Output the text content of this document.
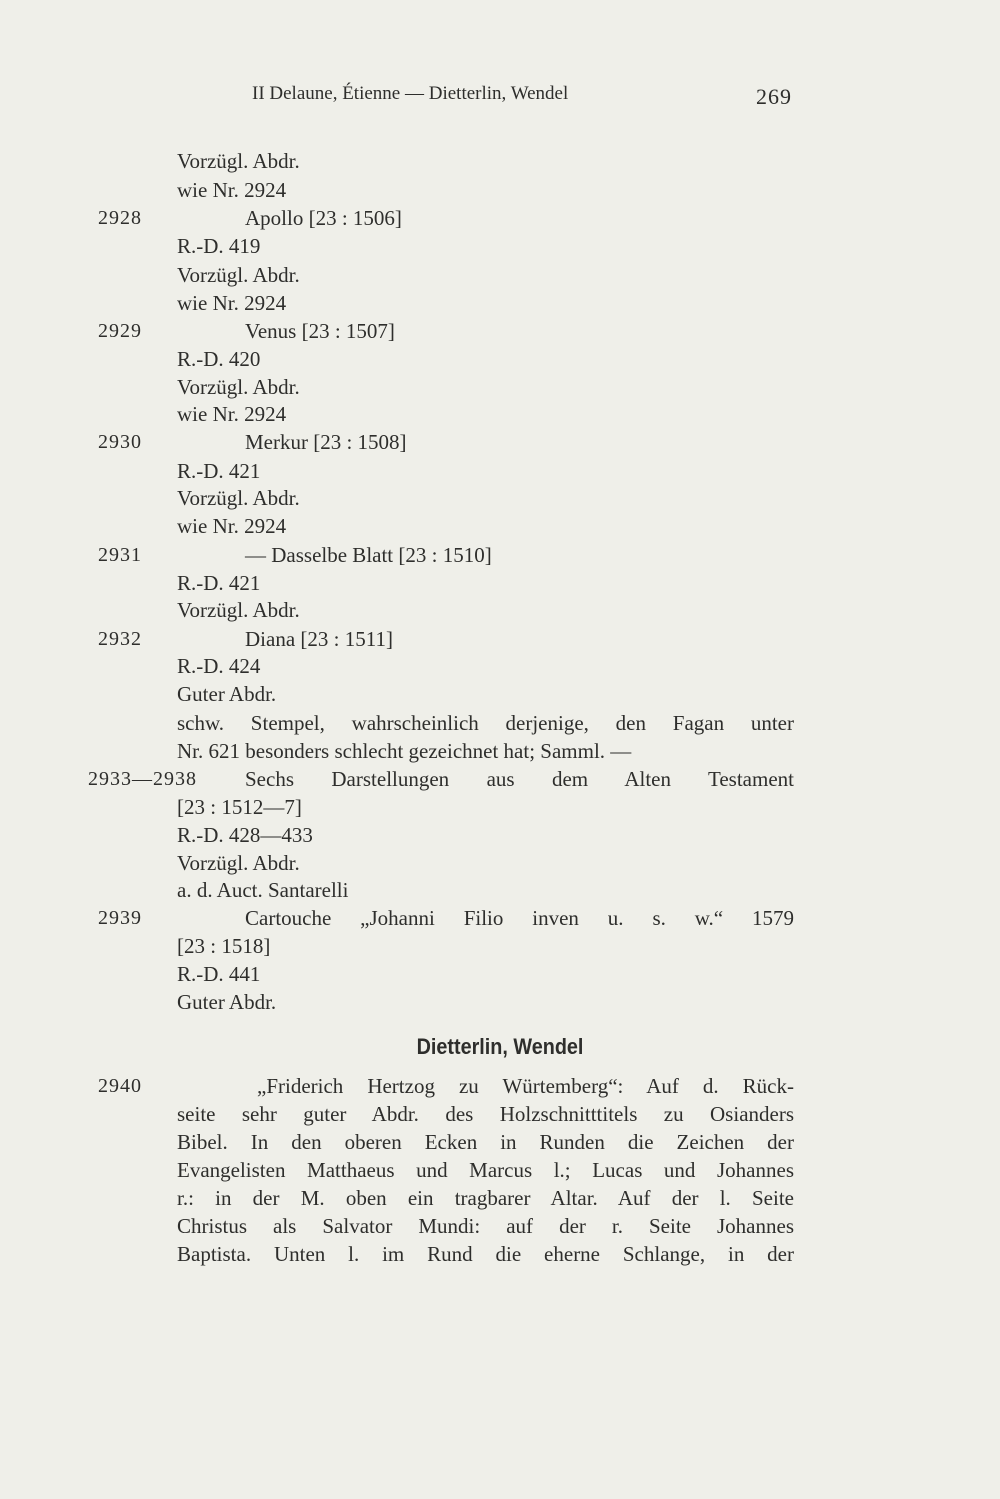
II Delaune, Étienne — Dietterlin, Wendel	269
Vorzügl. Abdr.
wie Nr. 2924
2928	Apollo [23 : 1506]
R.-D. 419
Vorzügl. Abdr.
wie Nr. 2924
2929	Venus [23 : 1507]
R.-D. 420
Vorzügl. Abdr.
wie Nr. 2924
2930	Merkur [23 : 1508]
R.-D. 421
Vorzügl. Abdr.
wie Nr. 2924
2931	— Dasselbe Blatt [23 : 1510]
R.-D. 421
Vorzügl. Abdr.
2932	Diana [23 : 1511]
R.-D. 424
Guter Abdr.
schw. Stempel, wahrscheinlich derjenige, den Fagan unter
Nr. 621 besonders schlecht gezeichnet hat; Samml. —
2933—2938 Sechs Darstellungen aus dem Alten Testament
[23 : 1512—7]
R.-D. 428—433
Vorzügl. Abdr.
a. d. Auct. Santarelli
2939	Cartouche „Johanni Filio inven u. s. w.“ 1579
[23 : 1518]
R.-D. 441
Guter Abdr.
Dietterlin, Wendel
2940	„Friderich Hertzog zu Würtemberg“: Auf d. Rück-
seite sehr guter Abdr. des Holzschnitttitels zu Osianders
Bibel. In den oberen Ecken in Runden die Zeichen der
Evangelisten Matthaeus und Marcus l.; Lucas und Johannes
r.: in der M. oben ein tragbarer Altar. Auf der l. Seite
Christus als Salvator Mundi: auf der r. Seite Johannes
Baptista. Unten l. im Rund die eherne Schlange, in der
